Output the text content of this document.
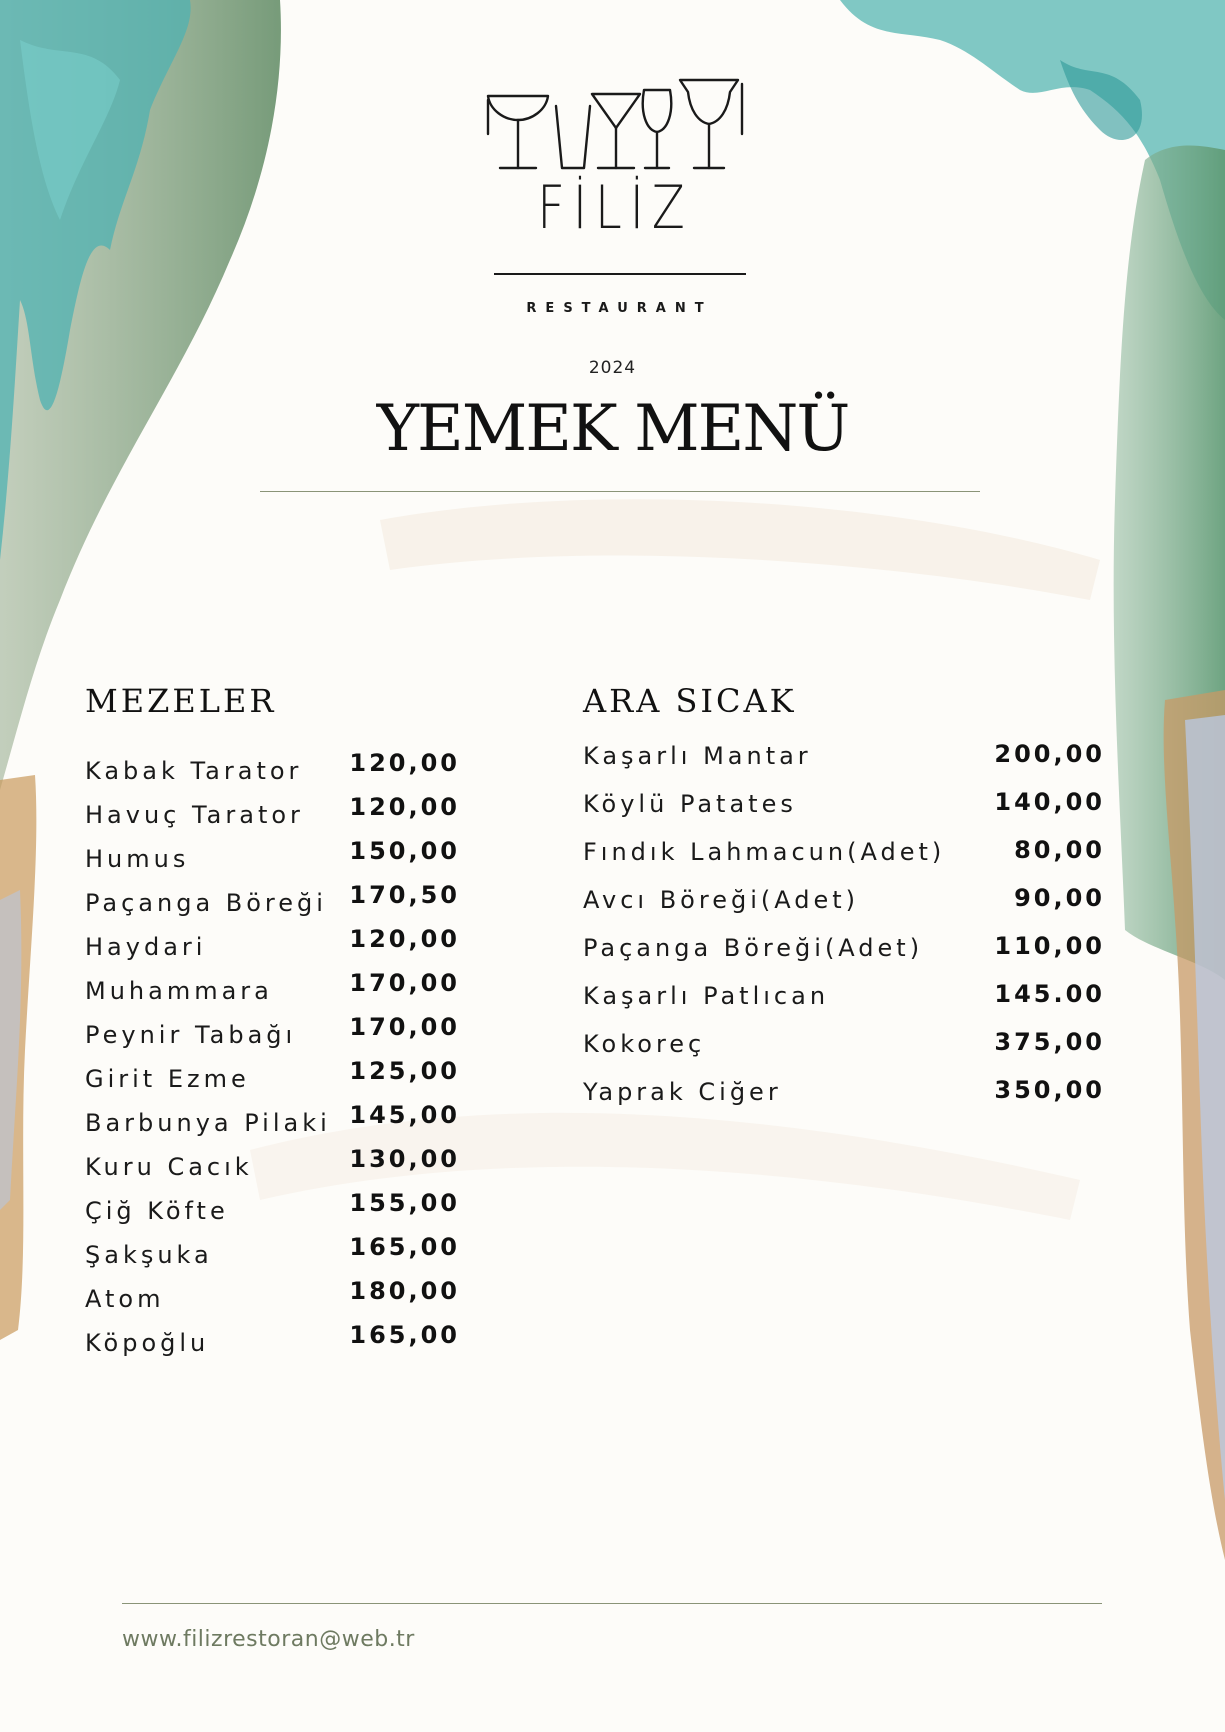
FİLİZ
RESTAURANT
2024
YEMEK MENÜ
MEZELER
Kabak Tarator 120,00
Havuç Tarator 120,00
Humus	150,00
Paçanga Böreği 170,50
Haydari	120,00
Muhammara	170,00
Peynir Tabağı 170,00
Girit Ezme	125,00
Barbunya Pilaki 145,00
Kuru Cacık	130,00
Çiğ Köfte	155,00
Şakşuka	165,00
Atom	180,00
Köpoğlu	165,00
ARA SICAK
Kaşarlı Mantar	200,00
Köylü Patates	140,00
Fındık Lahmacun(Adet)	80,00
Avcı Böreği(Adet)	90,00
Paçanga Böreği(Adet)	110,00
Kaşarlı Patlıcan	145.00
Kokoreç	375,00
Yaprak Ciğer	350,00
www.filizrestoran@web.tr
